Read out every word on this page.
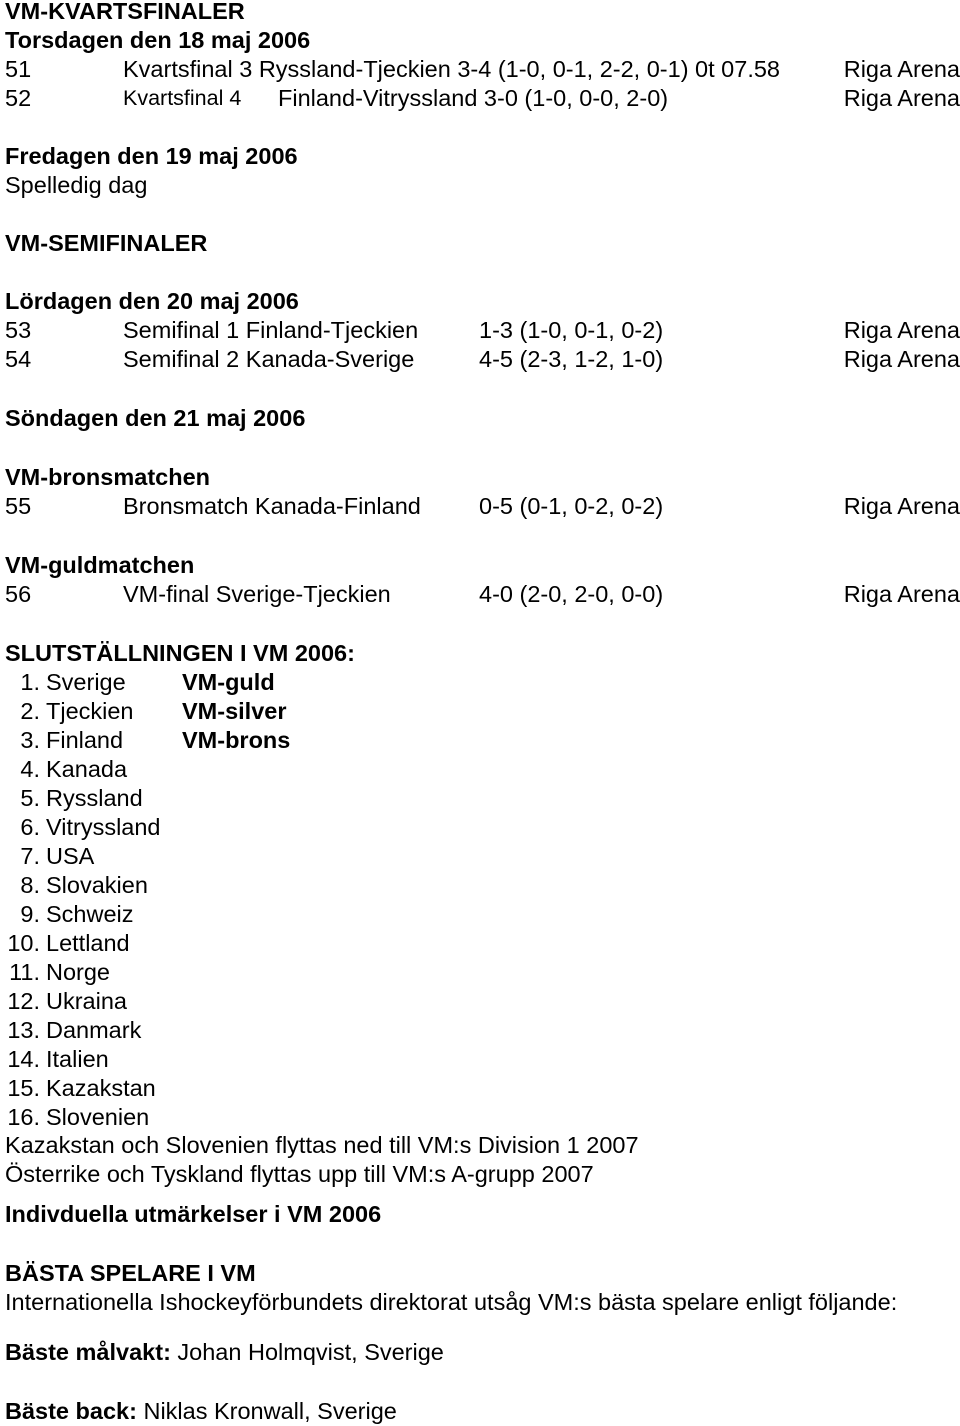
VM-KVARTSFINALER
Torsdagen den 18 maj 2006
51	Kvartsfinal 3 Ryssland-Tjeckien 3-4 (1-0, 0-1, 2-2, 0-1) 0t 07.58	Riga Arena
52	Kvartsfinal 4 Finland-Vitryssland 3-0 (1-0, 0-0, 2-0)	Riga Arena
Fredagen den 19 maj 2006
Spelledig dag
VM-SEMIFINALER
Lördagen den 20 maj 2006
53	Semifinal 1 Finland-Tjeckien	1-3 (1-0, 0-1, 0-2)	Riga Arena
54	Semifinal 2 Kanada-Sverige	4-5 (2-3, 1-2, 1-0)	Riga Arena
Söndagen den 21 maj 2006
VM-bronsmatchen
55	Bronsmatch Kanada-Finland 0-5 (0-1, 0-2, 0-2)	Riga Arena
VM-guldmatchen
56	VM-final Sverige-Tjeckien	4-0 (2-0, 2-0, 0-0)	Riga Arena
SLUTSTÄLLNINGEN I VM 2006:
1. Sverige VM-guld
2. Tjeckien VM-silver
3. Finland	VM-brons
4. Kanada
5. Ryssland
6. Vitryssland
7. USA
8. Slovakien
9. Schweiz
10. Lettland
11. Norge
12. Ukraina
13. Danmark
14. Italien
15. Kazakstan
16. Slovenien
Kazakstan och Slovenien flyttas ned till VM:s Division 1 2007
Österrike och Tyskland flyttas upp till VM:s A-grupp 2007
Indivduella utmärkelser i VM 2006
BÄSTA SPELARE I VM
Internationella Ishockeyförbundets direktorat utsåg VM:s bästa spelare enligt följande:
Bäste målvakt: Johan Holmqvist, Sverige
Bäste back: Niklas Kronwall, Sverige
